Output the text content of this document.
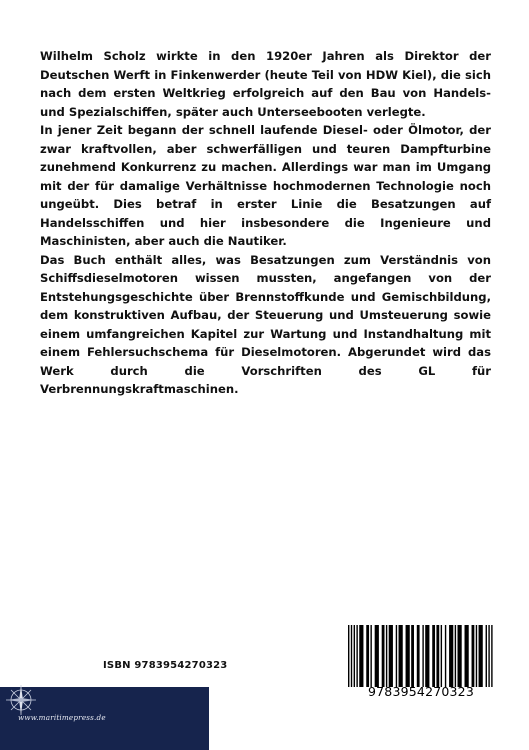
Wilhelm Scholz wirkte in den 1920er Jahren als Direktor der Deutschen Werft in Finkenwerder (heute Teil von HDW Kiel), die sich nach dem ersten Weltkrieg erfolgreich auf den Bau von Handels- und Spezialschiffen, später auch Unterseebooten verlegte.

In jener Zeit begann der schnell laufende Diesel- oder Ölmotor, der zwar kraftvollen, aber schwerfälligen und teuren Dampfturbine zunehmend Konkurrenz zu machen. Allerdings war man im Umgang mit der für damalige Verhältnisse hochmodernen Technologie noch ungeübt. Dies betraf in erster Linie die Besatzungen auf Handelsschiffen und hier insbesondere die Ingenieure und Maschinisten, aber auch die Nautiker.

Das Buch enthält alles, was Besatzungen zum Verständnis von Schiffsdieselmotoren wissen mussten, angefangen von der Entstehungsgeschichte über Brennstoffkunde und Gemischbildung, dem konstruktiven Aufbau, der Steuerung und Umsteuerung sowie einem umfangreichen Kapitel zur Wartung und Instandhaltung mit einem Fehlersuchschema für Dieselmotoren. Abgerundet wird das Werk durch die Vorschriften des GL für Verbrennungskraftmaschinen.

ISBN 9783954270323
9783954270323
www.maritimepress.de
